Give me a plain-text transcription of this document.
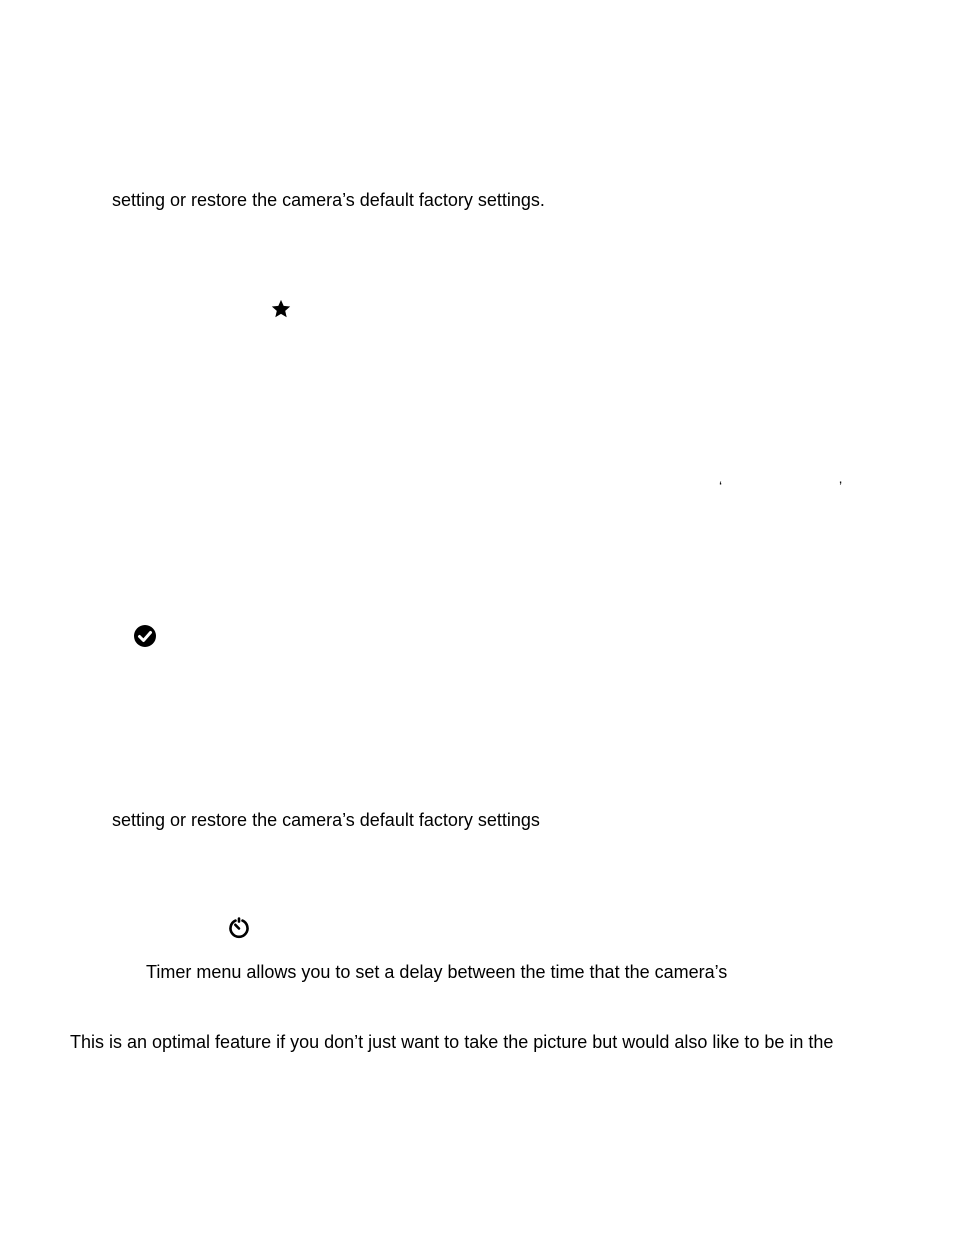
setting or restore the camera’s default factory settings.
‘	’
setting or restore the camera’s default factory settings
Timer menu allows you to set a delay between the time that the camera’s
This is an optimal feature if you don’t just want to take the picture but would also like to be in the
